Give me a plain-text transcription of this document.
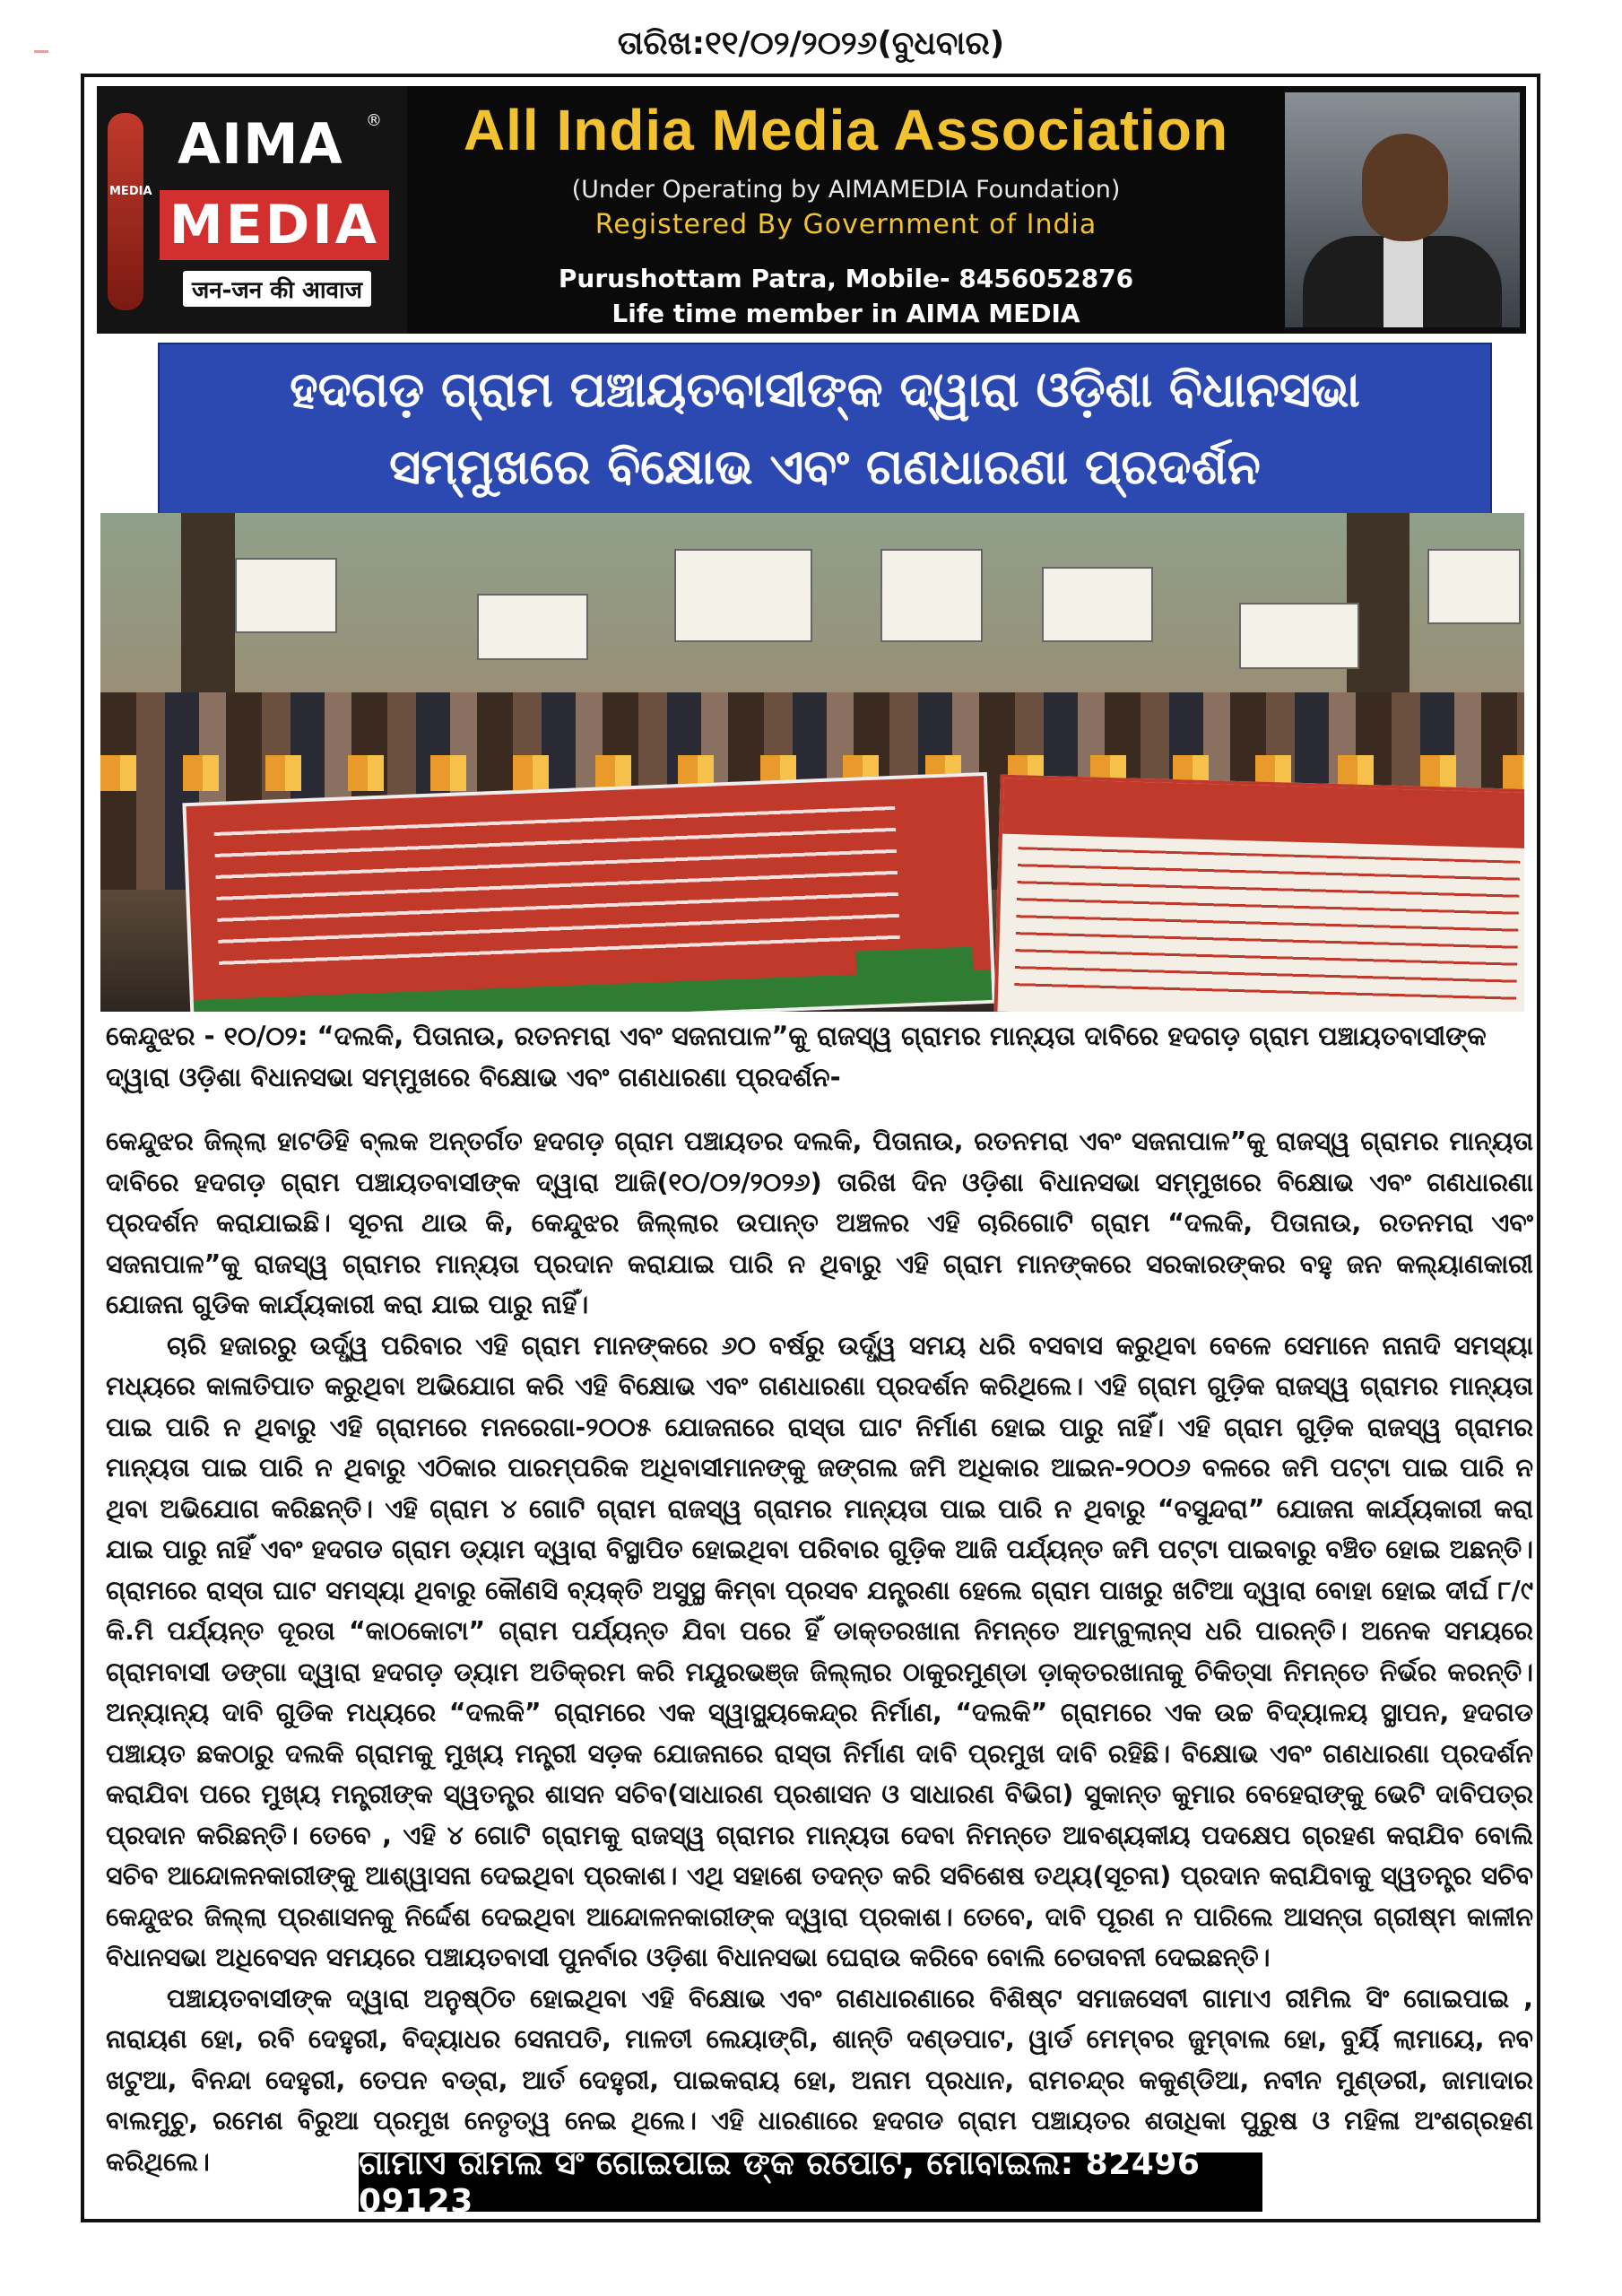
ତାରିଖ:୧୧/୦୨/୨୦୨୬(ବୁଧବାର)
MEDIA
AIMA ®
MEDIA
जन-जन की आवाज
All India Media Association
(Under Operating by AIMAMEDIA Foundation)
Registered By Government of India
Purushottam Patra, Mobile- 8456052876
Life time member in AIMA MEDIA
ହଦଗଡ଼ ଗ୍ରାମ ପଞ୍ଚାୟତବାସୀଙ୍କ ଦ୍ୱାରା ଓଡ଼ିଶା ବିଧାନସଭା
ସମ୍ମୁଖରେ ବିକ୍ଷୋଭ ଏବଂ ଗଣଧାରଣା ପ୍ରଦର୍ଶନ
କେନ୍ଦୁଝର - ୧୦/୦୨: “ଦଲକି, ପିତାନାଉ, ରତନମରା ଏବଂ ସଜନାପାଳ”କୁ ରାଜସ୍ୱ ଗ୍ରାମର ମାନ୍ୟତା ଦାବିରେ ହଦଗଡ଼ ଗ୍ରାମ ପଞ୍ଚାୟତବାସୀଙ୍କ ଦ୍ୱାରା ଓଡ଼ିଶା ବିଧାନସଭା ସମ୍ମୁଖରେ ବିକ୍ଷୋଭ ଏବଂ ଗଣଧାରଣା ପ୍ରଦର୍ଶନ-

କେନ୍ଦୁଝର ଜିଲ୍ଲା ହାଟଡିହି ବ୍ଲକ ଅନ୍ତର୍ଗତ ହଦଗଡ଼ ଗ୍ରାମ ପଞ୍ଚାୟତର ଦଲକି, ପିତାନାଉ, ରତନମରା ଏବଂ ସଜନାପାଳ”କୁ ରାଜସ୍ୱ ଗ୍ରାମର ମାନ୍ୟତା ଦାବିରେ ହଦଗଡ଼ ଗ୍ରାମ ପଞ୍ଚାୟତବାସୀଙ୍କ ଦ୍ୱାରା ଆଜି(୧୦/୦୨/୨୦୨୬) ତାରିଖ ଦିନ ଓଡ଼ିଶା ବିଧାନସଭା ସମ୍ମୁଖରେ ବିକ୍ଷୋଭ ଏବଂ ଗଣଧାରଣା ପ୍ରଦର୍ଶନ କରାଯାଇଛି। ସୂଚନା ଥାଉ କି, କେନ୍ଦୁଝର ଜିଲ୍ଲାର ଉପାନ୍ତ ଅଞ୍ଚଳର ଏହି ଚାରିଗୋଟି ଗ୍ରାମ “ଦଲକି, ପିତାନାଉ, ରତନମରା ଏବଂ ସଜନାପାଳ”କୁ ରାଜସ୍ୱ ଗ୍ରାମର ମାନ୍ୟତା ପ୍ରଦାନ କରାଯାଇ ପାରି ନ ଥିବାରୁ ଏହି ଗ୍ରାମ ମାନଙ୍କରେ ସରକାରଙ୍କର ବହୁ ଜନ କଲ୍ୟାଣକାରୀ ଯୋଜନା ଗୁଡିକ କାର୍ଯ୍ୟକାରୀ କରା ଯାଇ ପାରୁ ନାହିଁ।

ଚାରି ହଜାରରୁ ଉର୍ଦ୍ଧ୍ୱ ପରିବାର ଏହି ଗ୍ରାମ ମାନଙ୍କରେ ୬୦ ବର୍ଷରୁ ଉର୍ଦ୍ଧ୍ୱ ସମୟ ଧରି ବସବାସ କରୁଥିବା ବେଳେ ସେମାନେ ନାନାଦି ସମସ୍ୟା ମଧ୍ୟରେ କାଳାତିପାତ କରୁଥିବା ଅଭିଯୋଗ କରି ଏହି ବିକ୍ଷୋଭ ଏବଂ ଗଣଧାରଣା ପ୍ରଦର୍ଶନ କରିଥିଲେ। ଏହି ଗ୍ରାମ ଗୁଡ଼ିକ ରାଜସ୍ୱ ଗ୍ରାମର ମାନ୍ୟତା ପାଇ ପାରି ନ ଥିବାରୁ ଏହି ଗ୍ରାମରେ ମନରେଗା-୨୦୦୫ ଯୋଜନାରେ ରାସ୍ତା ଘାଟ ନିର୍ମାଣ ହୋଇ ପାରୁ ନାହିଁ। ଏହି ଗ୍ରାମ ଗୁଡ଼ିକ ରାଜସ୍ୱ ଗ୍ରାମର ମାନ୍ୟତା ପାଇ ପାରି ନ ଥିବାରୁ ଏଠିକାର ପାରମ୍ପରିକ ଅଧିବାସୀମାନଙ୍କୁ ଜଙ୍ଗଲ ଜମି ଅଧିକାର ଆଇନ-୨୦୦୬ ବଳରେ ଜମି ପଟ୍ଟା ପାଇ ପାରି ନ ଥିବା ଅଭିଯୋଗ କରିଛନ୍ତି। ଏହି ଗ୍ରାମ ୪ ଗୋଟି ଗ୍ରାମ ରାଜସ୍ୱ ଗ୍ରାମର ମାନ୍ୟତା ପାଇ ପାରି ନ ଥିବାରୁ “ବସୁନ୍ଦରା” ଯୋଜନା କାର୍ଯ୍ୟକାରୀ କରା ଯାଇ ପାରୁ ନାହିଁ ଏବଂ ହଦଗଡ ଗ୍ରାମ ଡ୍ୟାମ ଦ୍ୱାରା ବିସ୍ଥାପିତ ହୋଇଥିବା ପରିବାର ଗୁଡ଼ିକ ଆଜି ପର୍ଯ୍ୟନ୍ତ ଜମି ପଟ୍ଟା ପାଇବାରୁ ବଞ୍ଚିତ ହୋଇ ଅଛନ୍ତି। ଗ୍ରାମରେ ରାସ୍ତା ଘାଟ ସମସ୍ୟା ଥିବାରୁ କୌଣସି ବ୍ୟକ୍ତି ଅସୁସ୍ଥ କିମ୍ବା ପ୍ରସବ ଯନ୍ତ୍ରଣା ହେଲେ ଗ୍ରାମ ପାଖରୁ ଖଟିଆ ଦ୍ୱାରା ବୋହା ହୋଇ ଦୀର୍ଘ ୮/୯ କି.ମି ପର୍ଯ୍ୟନ୍ତ ଦୂରତା “କାଠକୋଟା” ଗ୍ରାମ ପର୍ଯ୍ୟନ୍ତ ଯିବା ପରେ ହିଁ ଡାକ୍ତରଖାନା ନିମନ୍ତେ ଆମ୍ବୁଲାନ୍ସ ଧରି ପାରନ୍ତି। ଅନେକ ସମୟରେ ଗ୍ରାମବାସୀ ଡଙ୍ଗା ଦ୍ୱାରା ହଦଗଡ଼ ଡ୍ୟାମ ଅତିକ୍ରମ କରି ମୟୂରଭଞ୍ଜ ଜିଲ୍ଲାର ଠାକୁରମୁଣ୍ଡା ଡ଼ାକ୍ତରଖାନାକୁ ଚିକିତ୍ସା ନିମନ୍ତେ ନିର୍ଭର କରନ୍ତି। ଅନ୍ୟାନ୍ୟ ଦାବି ଗୁଡିକ ମଧ୍ୟରେ “ଦଲକି” ଗ୍ରାମରେ ଏକ ସ୍ୱାସ୍ଥ୍ୟକେନ୍ଦ୍ର ନିର୍ମାଣ, “ଦଲକି” ଗ୍ରାମରେ ଏକ ଉଚ୍ଚ ବିଦ୍ୟାଳୟ ସ୍ଥାପନ, ହଦଗଡ ପଞ୍ଚାୟତ ଛକଠାରୁ ଦଲକି ଗ୍ରାମକୁ ମୁଖ୍ୟ ମନ୍ତ୍ରୀ ସଡ଼କ ଯୋଜନାରେ ରାସ୍ତା ନିର୍ମାଣ ଦାବି ପ୍ରମୁଖ ଦାବି ରହିଛି। ବିକ୍ଷୋଭ ଏବଂ ଗଣଧାରଣା ପ୍ରଦର୍ଶନ କରାଯିବା ପରେ ମୁଖ୍ୟ ମନ୍ତ୍ରୀଙ୍କ ସ୍ୱତନ୍ତ୍ର ଶାସନ ସଚିବ(ସାଧାରଣ ପ୍ରଶାସନ ଓ ସାଧାରଣ ବିଭିଗ) ସୁକାନ୍ତ କୁମାର ବେହେରାଙ୍କୁ ଭେଟି ଦାବିପତ୍ର ପ୍ରଦାନ କରିଛନ୍ତି। ତେବେ , ଏହି ୪ ଗୋଟି ଗ୍ରାମକୁ ରାଜସ୍ୱ ଗ୍ରାମର ମାନ୍ୟତା ଦେବା ନିମନ୍ତେ ଆବଶ୍ୟକୀୟ ପଦକ୍ଷେପ ଗ୍ରହଣ କରାଯିବ ବୋଲି ସଚିବ ଆନ୍ଦୋଳନକାରୀଙ୍କୁ ଆଶ୍ୱାସନା ଦେଇଥିବା ପ୍ରକାଶ। ଏଥି ସହାଶେ ତଦନ୍ତ କରି ସବିଶେଷ ତଥ୍ୟ(ସୂଚନା) ପ୍ରଦାନ କରାଯିବାକୁ ସ୍ୱତନ୍ତ୍ର ସଚିବ କେନ୍ଦୁଝର ଜିଲ୍ଲା ପ୍ରଶାସନକୁ ନିର୍ଦ୍ଦେଶ ଦେଇଥିବା ଆନ୍ଦୋଳନକାରୀଙ୍କ ଦ୍ୱାରା ପ୍ରକାଶ। ତେବେ, ଦାବି ପୂରଣ ନ ପାରିଲେ ଆସନ୍ତା ଗ୍ରୀଷ୍ମ କାଳୀନ ବିଧାନସଭା ଅଧିବେସନ ସମୟରେ ପଞ୍ଚାୟତବାସୀ ପୁନର୍ବାର ଓଡ଼ିଶା ବିଧାନସଭା ଘେରାଉ କରିବେ ବୋଲି ଚେତାବନୀ ଦେଇଛନ୍ତି।

ପଞ୍ଚାୟତବାସୀଙ୍କ ଦ୍ୱାରା ଅନୁଷ୍ଠିତ ହୋଇଥିବା ଏହି ବିକ୍ଷୋଭ ଏବଂ ଗଣଧାରଣାରେ ବିଶିଷ୍ଟ ସମାଜସେବୀ ଗାମାଏ ରୀମିଲ ସିଂ ଗୋଇପାଇ , ନାରାୟଣ ହୋ, ରବି ଦେହୁରୀ, ବିଦ୍ୟାଧର ସେନାପତି, ମାଳତୀ ଲେୟାଙ୍ଗି, ଶାନ୍ତି ଦଣ୍ଡପାଟ, ୱାର୍ଡ ମେମ୍ବର ଜୁମ୍ବାଲ ହୋ, ବୁର୍ୟି ଲାମାୟେ, ନବ ଖଟୁଆ, ବିନନ୍ଦା ଦେହୁରୀ, ତେପନ ବଡ୍ରା, ଆର୍ତ ଦେହୁରୀ, ପାଇକରାୟ ହୋ, ଅନାମ ପ୍ରଧାନ, ରାମଚନ୍ଦ୍ର କକୁଣ୍ଡିଆ, ନବୀନ ମୁଣ୍ଡରୀ, ଜାମାଦାର ବାଲମୁଚୁ, ରମେଶ ବିରୁଆ ପ୍ରମୁଖ ନେତୃତ୍ୱ ନେଇ ଥିଲେ। ଏହି ଧାରଣାରେ ହଦଗଡ ଗ୍ରାମ ପଞ୍ଚାୟତର ଶତାଧିକା ପୁରୁଷ ଓ ମହିଳା ଅଂଶଗ୍ରହଣ କରିଥିଲେ।	ଗାମାଏ ରୀମିଲ ସିଂ ଗୋଇପାଇ ଙ୍କ ରିପୋର୍ଟ, ମୋବାଇଲ: 82496 09123
